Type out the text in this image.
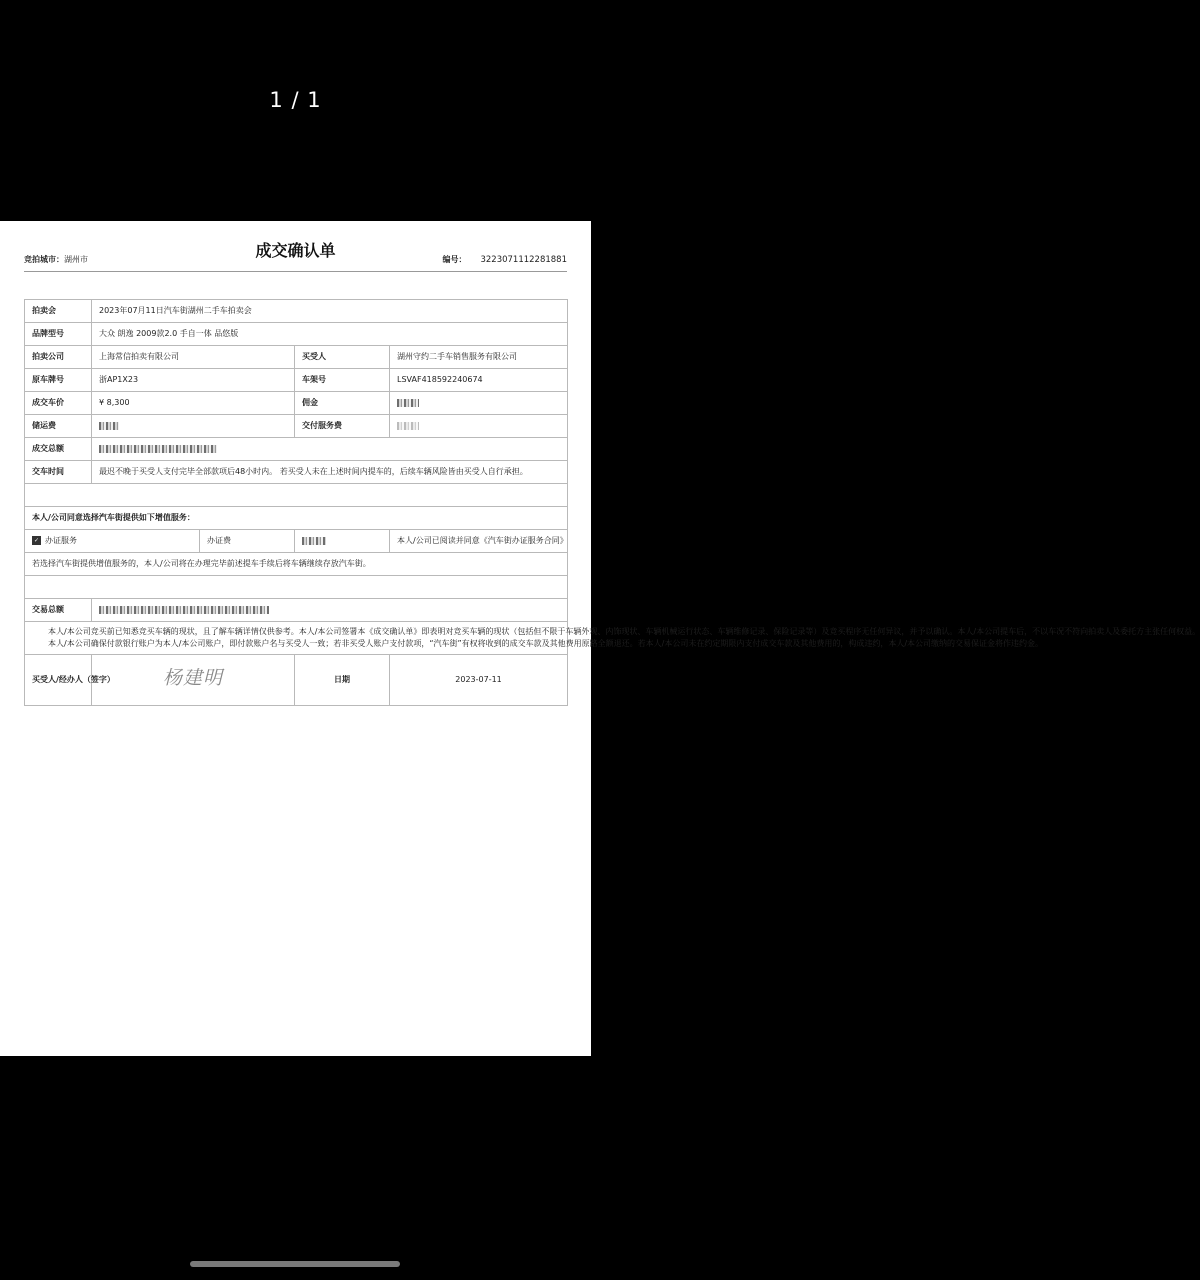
1 / 1
成交确认单
竞拍城市：湖州市	编号： 3223071112281881
拍卖会	2023年07月11日汽车街湖州二手车拍卖会			
品牌型号	大众 朗逸 2009款2.0 手自一体 品悠版			
拍卖公司	上海常信拍卖有限公司		买受人	湖州守约二手车销售服务有限公司
原车牌号	浙AP1X23		车架号	LSVAF418592240674
成交车价	¥ 8,300		佣金	
储运费			交付服务费	
成交总额				
交车时间	最迟不晚于买受人支付完毕全部款项后48小时内。 若买受人未在上述时间内提车的，后续车辆风险皆由买受人自行承担。			

本人/公司同意选择汽车街提供如下增值服务：				
✓ 办证服务		办证费		本人/公司已阅读并同意《汽车街办证服务合同》
若选择汽车街提供增值服务的，本人/公司将在办理完毕前述提车手续后将车辆继续存放汽车街。				

交易总额				

本人/本公司竞买前已知悉竞买车辆的现状，且了解车辆详情仅供参考。本人/本公司签署本《成交确认单》即表明对竞买车辆的现状（包括但不限于车辆外观、内饰现状、车辆机械运行状态、车辆维修记录、保险记录等）及竞买程序无任何异议，并予以确认。本人/本公司提车后，不以车况不符向拍卖人及委托方主张任何权益。

本人/本公司确保付款银行账户为本人/本公司账户，即付款账户名与买受人一致；若非买受人账户支付款项，“汽车街”有权将收到的成交车款及其他费用原路全额退还。若本人/本公司未在约定期限内支付成交车款及其他费用的，构成违约，本人/本公司缴纳的交易保证金将作违约金。				

买受人/经办人（签字）	杨建明		日期	2023-07-11
